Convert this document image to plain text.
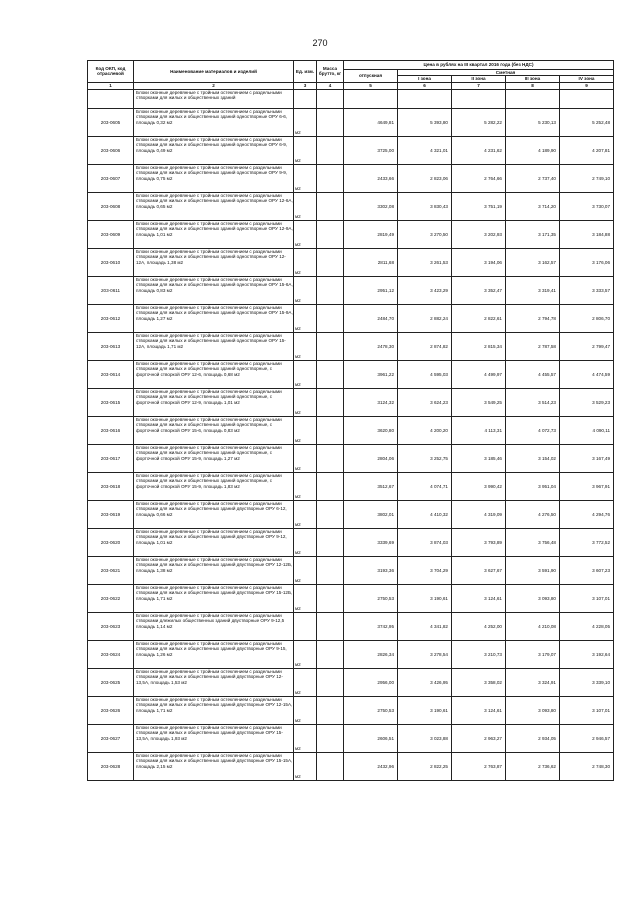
270
Код ОКП, код отраслевой	Наименование материалов и изделий	Ед. изм.	Масса брутто, кг	Цена в рублях на III квартал 2016 года (без НДС)				
				отпускная	Сметная			
					I зона	II зона	III зона	IV зона
1	2	3	4	5	6	7	8	9
	Блоки оконные деревянные с тройным остеклением с раздельными створками для жилых и общественных зданий							
203-0605	Блоки оконные деревянные с тройным остеклением с раздельными створками для жилых и общественных зданий одностворные ОРУ 6-6, площадь 0,32 м2	м2		4649,81	5 393,80	5 282,22	5 230,13	5 252,48
203-0606	Блоки оконные деревянные с тройным остеклением с раздельными створками для жилых и общественных зданий одностворные ОРУ 6-9, площадь 0,49 м2	м2		3725,00	4 321,01	4 231,62	4 189,90	4 207,81
203-0607	Блоки оконные деревянные с тройным остеклением с раздельными створками для жилых и общественных зданий одностворные ОРУ 9-9, площадь 0,75 м2	м2		2433,66	2 823,06	2 764,66	2 737,40	2 749,10
203-0608	Блоки оконные деревянные с тройным остеклением с раздельными створками для жилых и общественных зданий одностворные ОРУ 12-6А, площадь 0,65 м2	м2		3302,08	3 830,43	3 751,19	3 714,20	3 730,07
203-0609	Блоки оконные деревянные с тройным остеклением с раздельными створками для жилых и общественных зданий одностворные ОРУ 12-9А, площадь 1,01 м2	м2		2819,49	3 270,50	3 202,93	3 171,35	3 184,88
203-0610	Блоки оконные деревянные с тройным остеклением с раздельными створками для жилых и общественных зданий одностворные ОРУ 12-12А, площадь 1,38 м2	м2		2811,68	3 261,53	3 194,06	3 162,57	3 176,06
203-0611	Блоки оконные деревянные с тройным остеклением с раздельными створками для жилых и общественных зданий одностворные ОРУ 15-6А, площадь 0,83 м2	м2		2951,12	3 423,29	3 352,47	3 319,41	3 333,57
203-0612	Блоки оконные деревянные с тройным остеклением с раздельными створками для жилых и общественных зданий одностворные ОРУ 15-9А, площадь 1,27 м2	м2		2484,70	2 882,24	2 822,61	2 794,78	2 806,70
203-0613	Блоки оконные деревянные с тройным остеклением с раздельными створками для жилых и общественных зданий одностворные ОРУ 15-12А, площадь 1,71 м2	м2		2478,30	2 874,82	2 815,34	2 787,58	2 799,47
203-0614	Блоки оконные деревянные с тройным остеклением с раздельными створками для жилых и общественных зданий одностворные, с форточной створкой ОРУ 12-6, площадь 0,68 м2	м2		3961,22	4 595,03	4 499,97	4 455,57	4 474,59
203-0615	Блоки оконные деревянные с тройным остеклением с раздельными створками для жилых и общественных зданий одностворные, с форточной створкой ОРУ 12-9, площадь 1,01 м2	м2		3124,32	3 624,23	3 549,25	3 514,23	3 529,23
203-0616	Блоки оконные деревянные с тройным остеклением с раздельными створками для жилых и общественных зданий одностворные, с форточной створкой ОРУ 15-6, площадь 0,83 м2	м2		3620,80	4 200,20	4 113,31	4 072,73	4 090,11
203-0617	Блоки оконные деревянные с тройным остеклением с раздельными створками для жилых и общественных зданий одностворные, с форточной створкой ОРУ 15-9, площадь 1,27 м2	м2		2804,06	3 252,75	3 185,46	3 154,02	3 167,49
203-0618	Блоки оконные деревянные с тройным остеклением с раздельными створками для жилых и общественных зданий одностворные, с форточной створкой ОРУ 15-9, площадь 1,83 м2	м2		3512,67	4 074,71	3 990,42	3 951,04	3 967,91
203-0619	Блоки оконные деревянные с тройным остеклением с раздельными створками для жилых и общественных зданий двустворные ОРУ 6-12, площадь 0,66 м2	м2		3802,01	4 410,32	4 319,09	4 276,50	4 294,76
203-0620	Блоки оконные деревянные с тройным остеклением с раздельными створками для жилых и общественных зданий двустворные ОРУ 9-12, площадь 1,01 м2	м2		3339,69	3 874,03	3 793,89	3 756,48	3 772,52
203-0621	Блоки оконные деревянные с тройным остеклением с раздельными створками для жилых и общественных зданий двустворные ОРУ 12-12Б, площадь 1,38 м2	м2		3193,36	3 704,29	3 627,67	3 591,90	3 607,23
203-0622	Блоки оконные деревянные с тройным остеклением с раздельными створками для жилых и общественных зданий двустворные ОРУ 15-12Б, площадь 1,71 м2	м2		2750,53	3 190,61	3 124,61	3 093,80	3 107,01
203-0623	Блоки оконные деревянные с тройным остеклением с раздельными створками длежилых общественных зданий двустворные ОРУ 9-12,5 площадь 1,14 м2			3742,95	4 341,82	4 252,00	4 210,08	4 228,05
203-0624	Блоки оконные деревянные с тройным остеклением с раздельными створками для жилых и общественных зданий двустворные ОРУ 9-15, площадь 1,26 м2	м2		2826,34	3 278,54	3 210,73	3 179,07	3 192,64
203-0625	Блоки оконные деревянные с тройным остеклением с раздельными створками для жилых и общественных зданий двустворные ОРУ 12-13,5А, площадь 1,53 м2	м2		2956,00	3 426,95	3 358,02	3 324,91	3 339,10
203-0626	Блоки оконные деревянные с тройным остеклением с раздельными створками для жилых и общественных зданий двустворные ОРУ 12-15А, площадь 1,71 м2	м2		2750,53	3 190,61	3 124,61	3 093,80	3 107,01
203-0627	Блоки оконные деревянные с тройным остеклением с раздельными створками для жилых и общественных зданий двустворные ОРУ 15-13,5А, площадь 1,93 м2	м2		2606,51	3 023,88	2 963,27	2 934,05	2 946,57
203-0628	Блоки оконные деревянные с тройным остеклением с раздельными створками для жилых и общественных зданий двустворные ОРУ 15-15А, площадь 2,15 м2	м2		2432,96	2 822,25	2 763,87	2 736,62	2 748,30
